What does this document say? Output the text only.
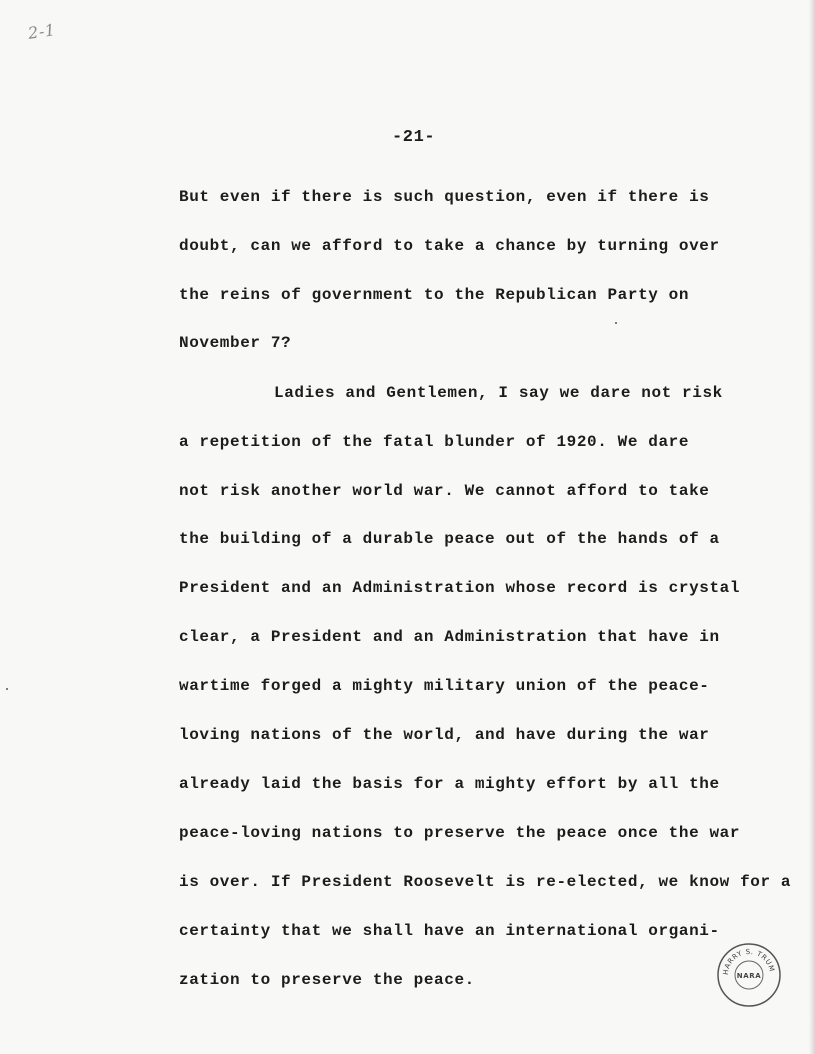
2-1
-21-
But even if there is such question, even if there is
doubt, can we afford to take a chance by turning over
the reins of government to the Republican Party on
November 7?
Ladies and Gentlemen, I say we dare not risk
a repetition of the fatal blunder of 1920. We dare
not risk another world war. We cannot afford to take
the building of a durable peace out of the hands of a
President and an Administration whose record is crystal
clear, a President and an Administration that have in
wartime forged a mighty military union of the peace-
loving nations of the world, and have during the war
already laid the basis for a mighty effort by all the
peace-loving nations to preserve the peace once the war
is over. If President Roosevelt is re-elected, we know for a
certainty that we shall have an international organi-
zation to preserve the peace.	HARRY S. TRUM
NARA
